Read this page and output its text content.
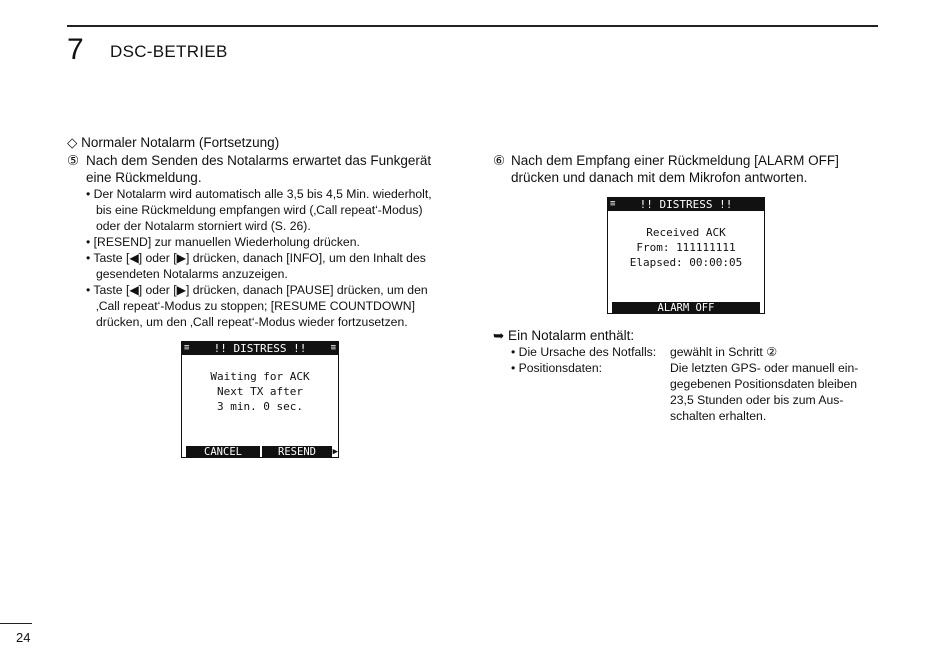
7 DSC-BETRIEB
◇ Normaler Notalarm (Fortsetzung)
⑤ Nach dem Senden des Notalarms erwartet das Funkgerät
eine Rückmeldung.
• Der Notalarm wird automatisch alle 3,5 bis 4,5 Min. wiederholt,
bis eine Rückmeldung empfangen wird (‚Call repeat‘-Modus)
oder der Notalarm storniert wird (S. 26).
• [RESEND] zur manuellen Wiederholung drücken.
• Taste [◀] oder [▶] drücken, danach [INFO], um den Inhalt des
gesendeten Notalarms anzuzeigen.
• Taste [◀] oder [▶] drücken, danach [PAUSE] drücken, um den
‚Call repeat‘-Modus zu stoppen; [RESUME COUNTDOWN]
drücken, um den ‚Call repeat‘-Modus wieder fortzusetzen.
≡ !! DISTRESS !!	≡
Waiting for ACK
Next TX after
3 min. 0 sec.
CANCEL	RESEND	▶
⑥ Nach dem Empfang einer Rückmeldung [ALARM OFF]
drücken und danach mit dem Mikrofon antworten.
≡ !! DISTRESS !!
Received ACK
From: 111111111
Elapsed: 00:00:05
ALARM OFF
➥ Ein Notalarm enthält:
• Die Ursache des Notfalls: gewählt in Schritt ②
• Positionsdaten:	Die letzten GPS- oder manuell ein-
gegebenen Positionsdaten bleiben
23,5 Stunden oder bis zum Aus-
schalten erhalten.
24
